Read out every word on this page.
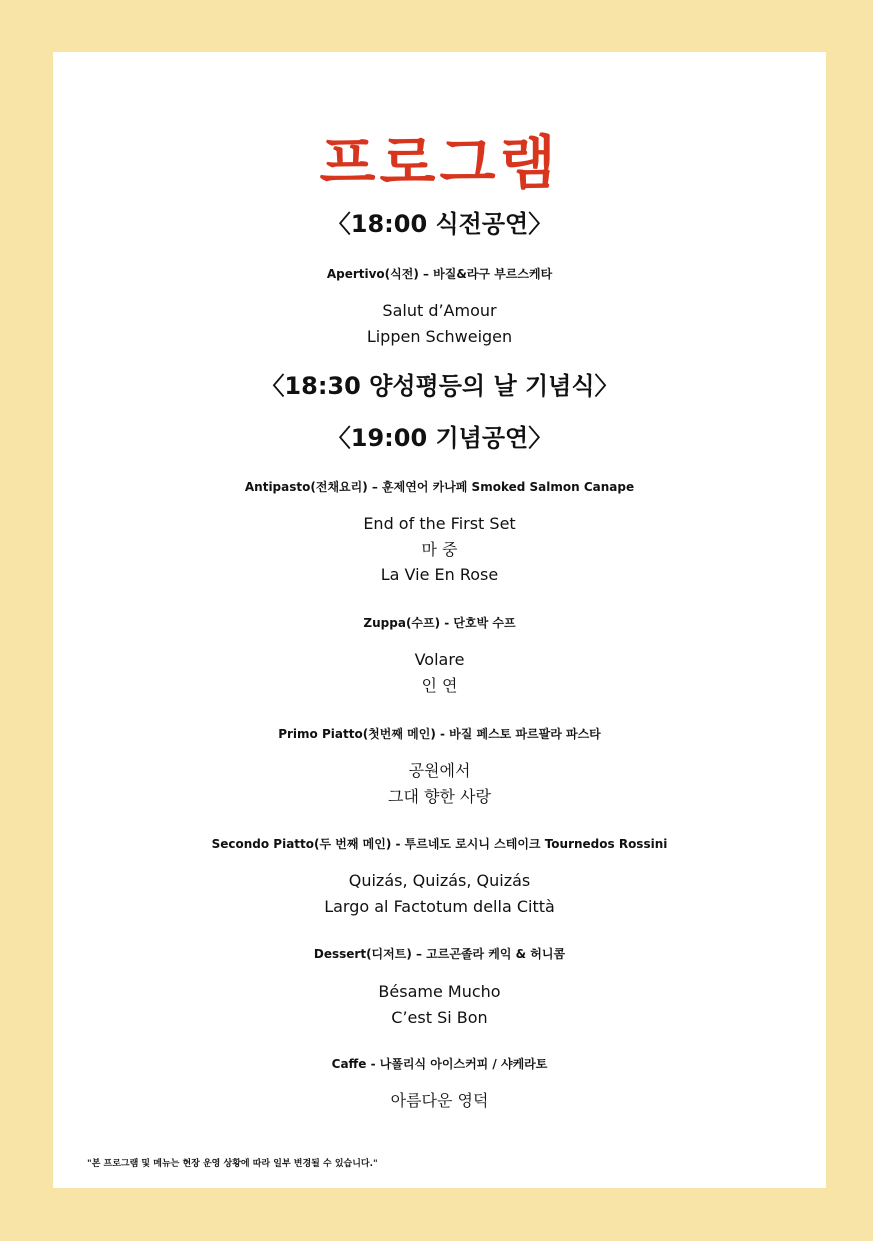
프로그램
〈18:00 식전공연〉
Apertivo(식전) – 바질&라구 부르스케타
Salut d’Amour
Lippen Schweigen
〈18:30 양성평등의 날 기념식〉
〈19:00 기념공연〉
Antipasto(전채요리) – 훈제연어 카나페 Smoked Salmon Canape
End of the First Set
마 중
La Vie En Rose
Zuppa(수프) - 단호박 수프
Volare
인 연
Primo Piatto(첫번째 메인) - 바질 페스토 파르팔라 파스타
공원에서
그대 향한 사랑
Secondo Piatto(두 번째 메인) - 투르네도 로시니 스테이크 Tournedos Rossini
Quizás, Quizás, Quizás
Largo al Factotum della Città
Dessert(디저트) – 고르곤졸라 케익 & 허니콤
Bésame Mucho
C’est Si Bon
Caffe - 나폴리식 아이스커피 / 샤케라토
아름다운 영덕
"본 프로그램 및 메뉴는 현장 운영 상황에 따라 일부 변경될 수 있습니다."
